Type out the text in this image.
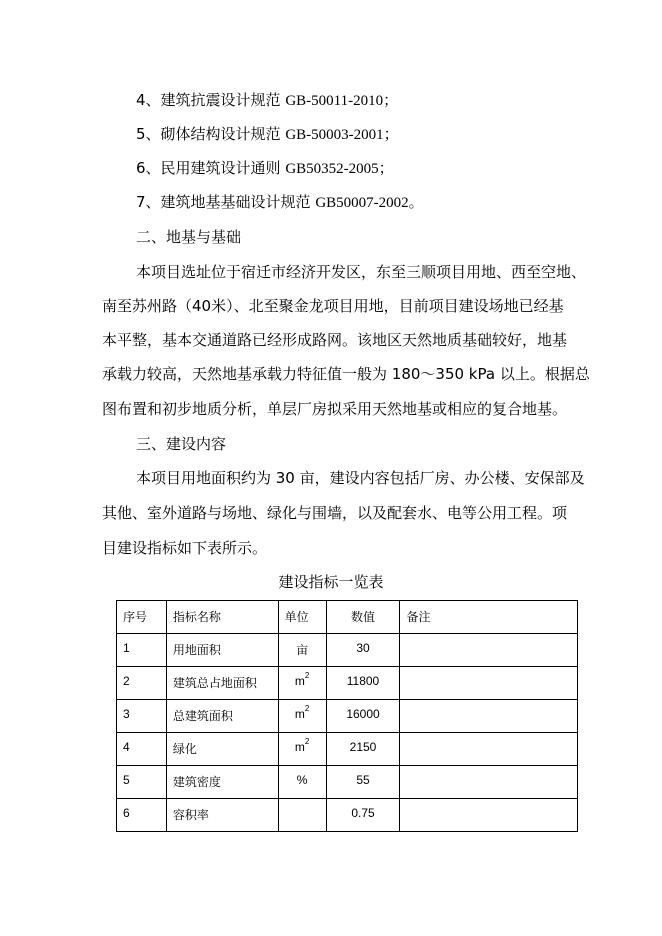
4、建筑抗震设计规范 GB-50011-2010；
5、砌体结构设计规范 GB-50003-2001；
6、民用建筑设计通则 GB50352-2005；
7、建筑地基基础设计规范 GB50007-2002。
二、地基与基础
本项目选址位于宿迁市经济开发区，东至三顺项目用地、西至空地、
南至苏州路（40米）、北至聚金龙项目用地，目前项目建设场地已经基
本平整，基本交通道路已经形成路网。该地区天然地质基础较好，地基
承载力较高，天然地基承载力特征值一般为 180～350 kPa 以上。根据总
图布置和初步地质分析，单层厂房拟采用天然地基或相应的复合地基。
三、建设内容
本项目用地面积约为 30 亩，建设内容包括厂房、办公楼、安保部及
其他、室外道路与场地、绿化与围墙，以及配套水、电等公用工程。项
目建设指标如下表所示。
建设指标一览表
序号	指标名称	单位	数值	备注
1	用地面积	亩	30	
2	建筑总占地面积	$m^2$	11800	
3	总建筑面积	$m^2$	16000	
4	绿化	$m^2$	2150	
5	建筑密度	%	55	
6	容积率		0.75	
